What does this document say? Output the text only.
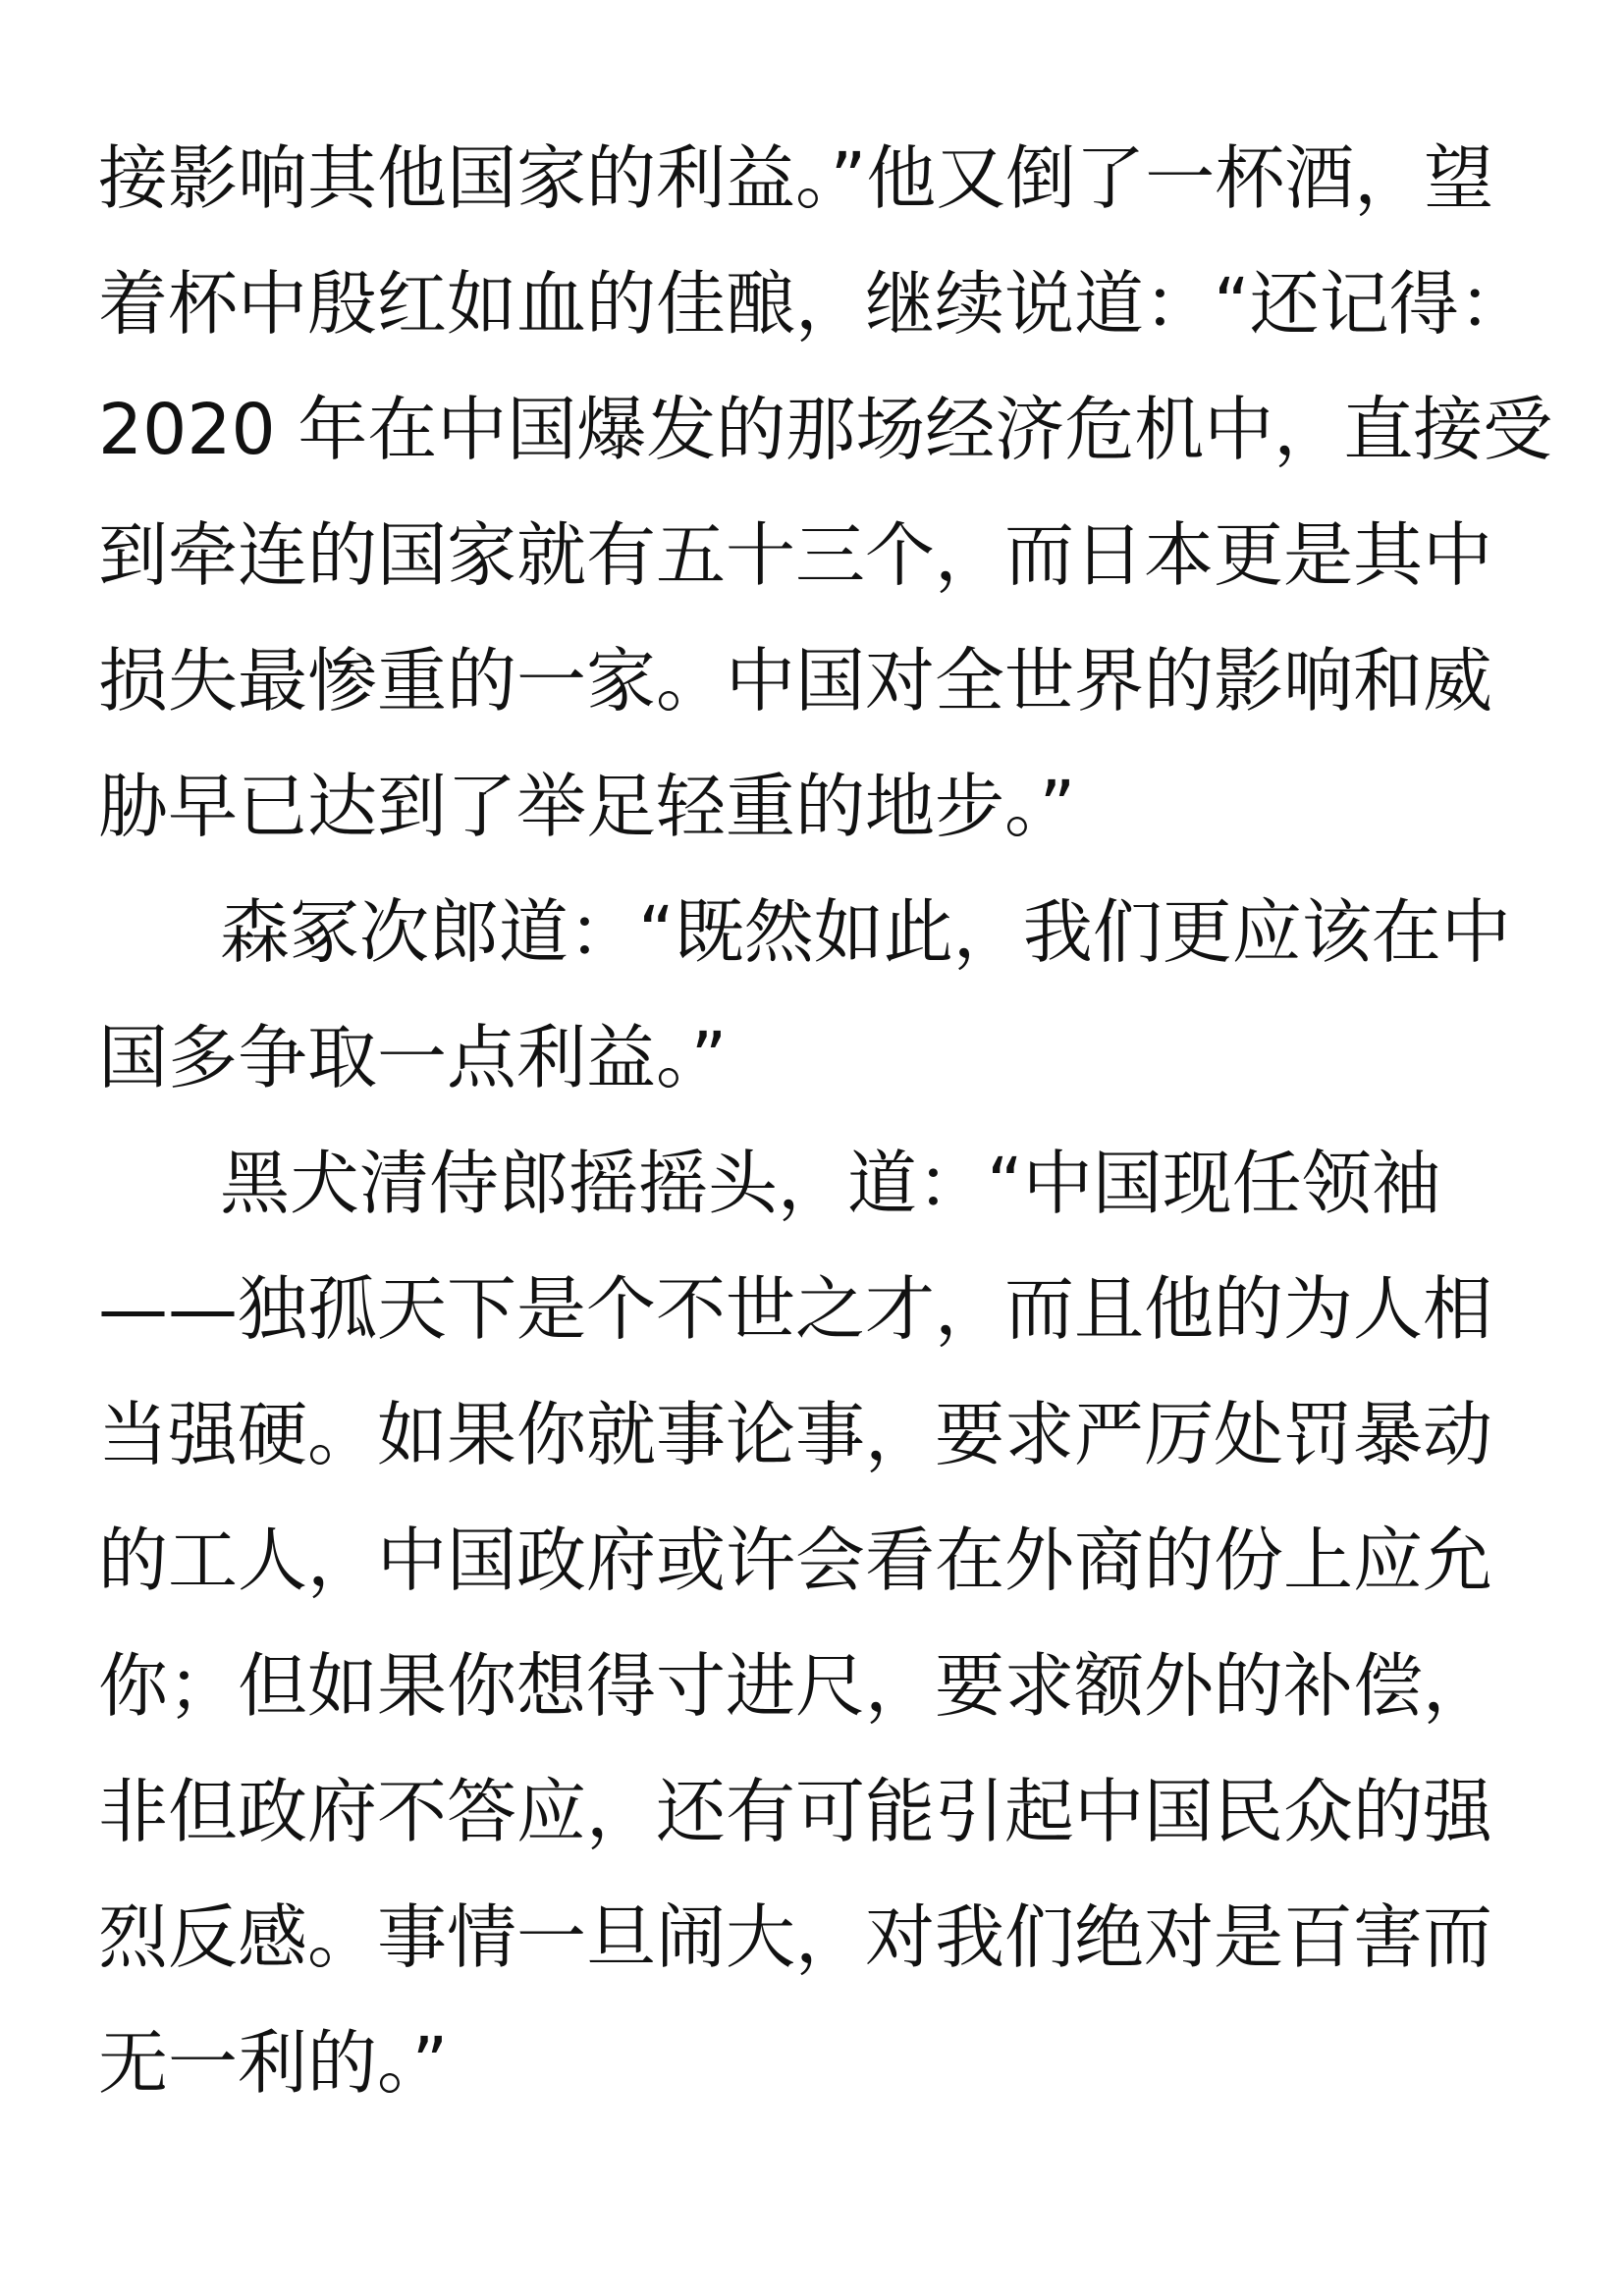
接影响其他国家的利益。”他又倒了一杯酒，望
着杯中殷红如血的佳酿，继续说道：“还记得：
2020 年在中国爆发的那场经济危机中，直接受
到牵连的国家就有五十三个，而日本更是其中
损失最惨重的一家。中国对全世界的影响和威
胁早已达到了举足轻重的地步。”
森冢次郎道：“既然如此，我们更应该在中
国多争取一点利益。”
黑犬清侍郎摇摇头，道：“中国现任领袖
——独孤天下是个不世之才，而且他的为人相
当强硬。如果你就事论事，要求严厉处罚暴动
的工人，中国政府或许会看在外商的份上应允
你；但如果你想得寸进尺，要求额外的补偿，
非但政府不答应，还有可能引起中国民众的强
烈反感。事情一旦闹大，对我们绝对是百害而
无一利的。”
